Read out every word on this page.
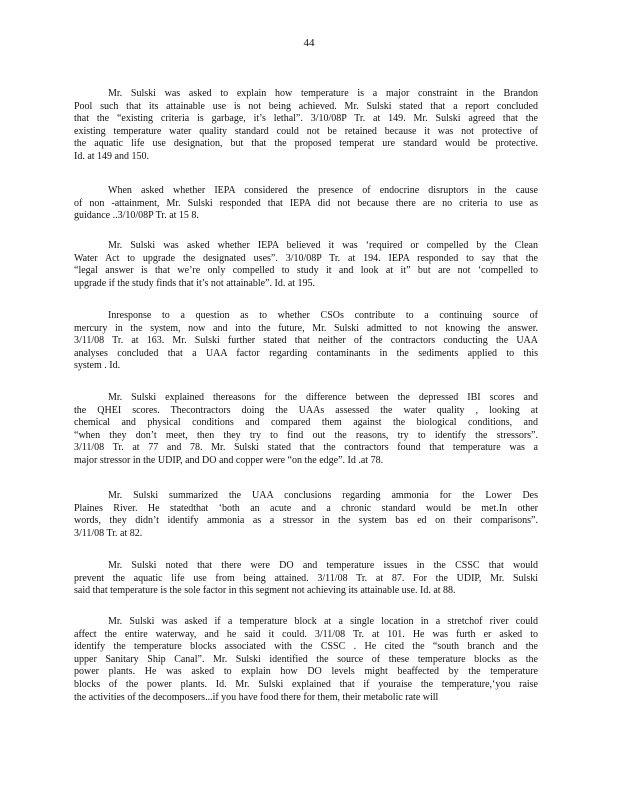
44
Mr. Sulski was asked to explain how temperature is a major constraint in the Brandon
Pool such that its attainable use is not being achieved. Mr. Sulski stated that a report concluded
that the “existing criteria is garbage, it’s lethal”. 3/10/08P Tr. at 149. Mr. Sulski agreed that the
existing temperature water quality standard could not be retained because it was not protective of
the aquatic life use designation, but that the proposed temperat ure standard would be protective.
Id. at 149 and 150.
When asked whether IEPA considered the presence of endocrine disruptors in the cause
of non -attainment, Mr. Sulski responded that IEPA did not because there are no criteria to use as
guidance ..3/10/08P Tr. at 15 8.
Mr. Sulski was asked whether IEPA believed it was ‘required or compelled by the Clean
Water Act to upgrade the designated uses”. 3/10/08P Tr. at 194. IEPA responded to say that the
“legal answer is that we’re only compelled to study it and look at it” but are not ‘compelled to
upgrade if the study finds that it’s not attainable”. Id. at 195.
Inresponse to a question as to whether CSOs contribute to a continuing source of
mercury in the system, now and into the future, Mr. Sulski admitted to not knowing the answer.
3/11/08 Tr. at 163. Mr. Sulski further stated that neither of the contractors conducting the UAA
analyses concluded that a UAA factor regarding contaminants in the sediments applied to this
system . Id.
Mr. Sulski explained thereasons for the difference between the depressed IBI scores and
the QHEI scores. Thecontractors doing the UAAs assessed the water quality , looking at
chemical and physical conditions and compared them against the biological conditions, and
“when they don’t meet, then they try to find out the reasons, try to identify the stressors”.
3/11/08 Tr. at 77 and 78. Mr. Sulski stated that the contractors found that temperature was a
major stressor in the UDIP, and DO and copper were “on the edge”. Id .at 78.
Mr. Sulski summarized the UAA conclusions regarding ammonia for the Lower Des
Plaines River. He statedthat ‘both an acute and a chronic standard would be met.In other
words, they didn’t identify ammonia as a stressor in the system bas ed on their comparisons”.
3/11/08 Tr. at 82.
Mr. Sulski noted that there were DO and temperature issues in the CSSC that would
prevent the aquatic life use from being attained. 3/11/08 Tr. at 87. For the UDIP, Mr. Sulski
said that temperature is the sole factor in this segment not achieving its attainable use. Id. at 88.
Mr. Sulski was asked if a temperature block at a single location in a stretchof river could
affect the entire waterway, and he said it could. 3/11/08 Tr. at 101. He was furth er asked to
identify the temperature blocks associated with the CSSC . He cited the “south branch and the
upper Sanitary Ship Canal”. Mr. Sulski identified the source of these temperature blocks as the
power plants. He was asked to explain how DO levels might beaffected by the temperature
blocks of the power plants. Id. Mr. Sulski explained that if youraise the temperature,‘you raise
the activities of the decomposers...if you have food there for them, their metabolic rate will
